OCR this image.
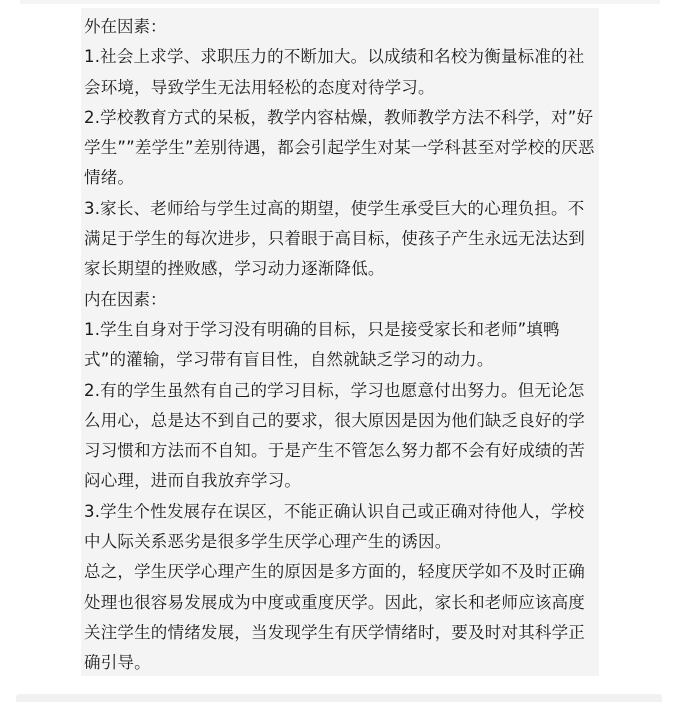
外在因素：

1.社会上求学、求职压力的不断加大。以成绩和名校为衡量标准的社会环境，导致学生无法用轻松的态度对待学习。

2.学校教育方式的呆板，教学内容枯燥，教师教学方法不科学，对”好学生””差学生”差别待遇，都会引起学生对某一学科甚至对学校的厌恶情绪。

3.家长、老师给与学生过高的期望，使学生承受巨大的心理负担。不满足于学生的每次进步，只着眼于高目标，使孩子产生永远无法达到家长期望的挫败感，学习动力逐渐降低。

内在因素：

1.学生自身对于学习没有明确的目标，只是接受家长和老师”填鸭式”的灌输，学习带有盲目性，自然就缺乏学习的动力。

2.有的学生虽然有自己的学习目标，学习也愿意付出努力。但无论怎么用心，总是达不到自己的要求，很大原因是因为他们缺乏良好的学习习惯和方法而不自知。于是产生不管怎么努力都不会有好成绩的苦闷心理，进而自我放弃学习。

3.学生个性发展存在误区，不能正确认识自己或正确对待他人，学校中人际关系恶劣是很多学生厌学心理产生的诱因。

总之，学生厌学心理产生的原因是多方面的，轻度厌学如不及时正确处理也很容易发展成为中度或重度厌学。因此，家长和老师应该高度关注学生的情绪发展，当发现学生有厌学情绪时，要及时对其科学正确引导。
